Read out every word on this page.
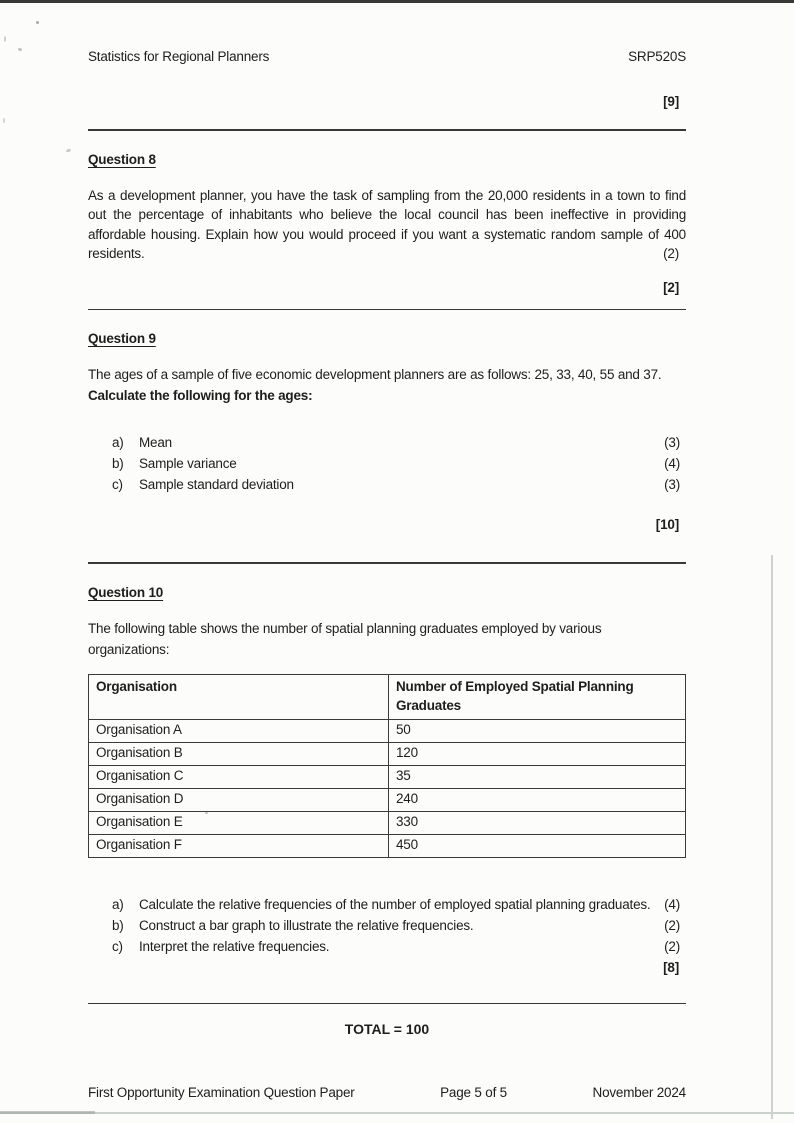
Statistics for Regional Planners	SRP520S
[9]
Question 8

As a development planner, you have the task of sampling from the 20,000 residents in a town to find out the percentage of inhabitants who believe the local council has been ineffective in providing affordable housing. Explain how you would proceed if you want a systematic random sample of 400 residents.	(2)

[2]
Question 9

The ages of a sample of five economic development planners are as follows: 25, 33, 40, 55 and 37.

Calculate the following for the ages:

a)	Mean	(3)
b)	Sample variance	(4)
c)	Sample standard deviation	(3)
[10]
Question 10

The following table shows the number of spatial planning graduates employed by various organizations:

Organisation	Number of Employed Spatial Planning Graduates
Organisation A	50
Organisation B	120
Organisation C	35
Organisation D	240
Organisation E	330
Organisation F	450
a)	Calculate the relative frequencies of the number of employed spatial planning graduates.	(4)
b)	Construct a bar graph to illustrate the relative frequencies.	(2)
c)	Interpret the relative frequencies.	(2)
[8]
TOTAL = 100
First Opportunity Examination Question Paper	Page 5 of 5	November 2024
